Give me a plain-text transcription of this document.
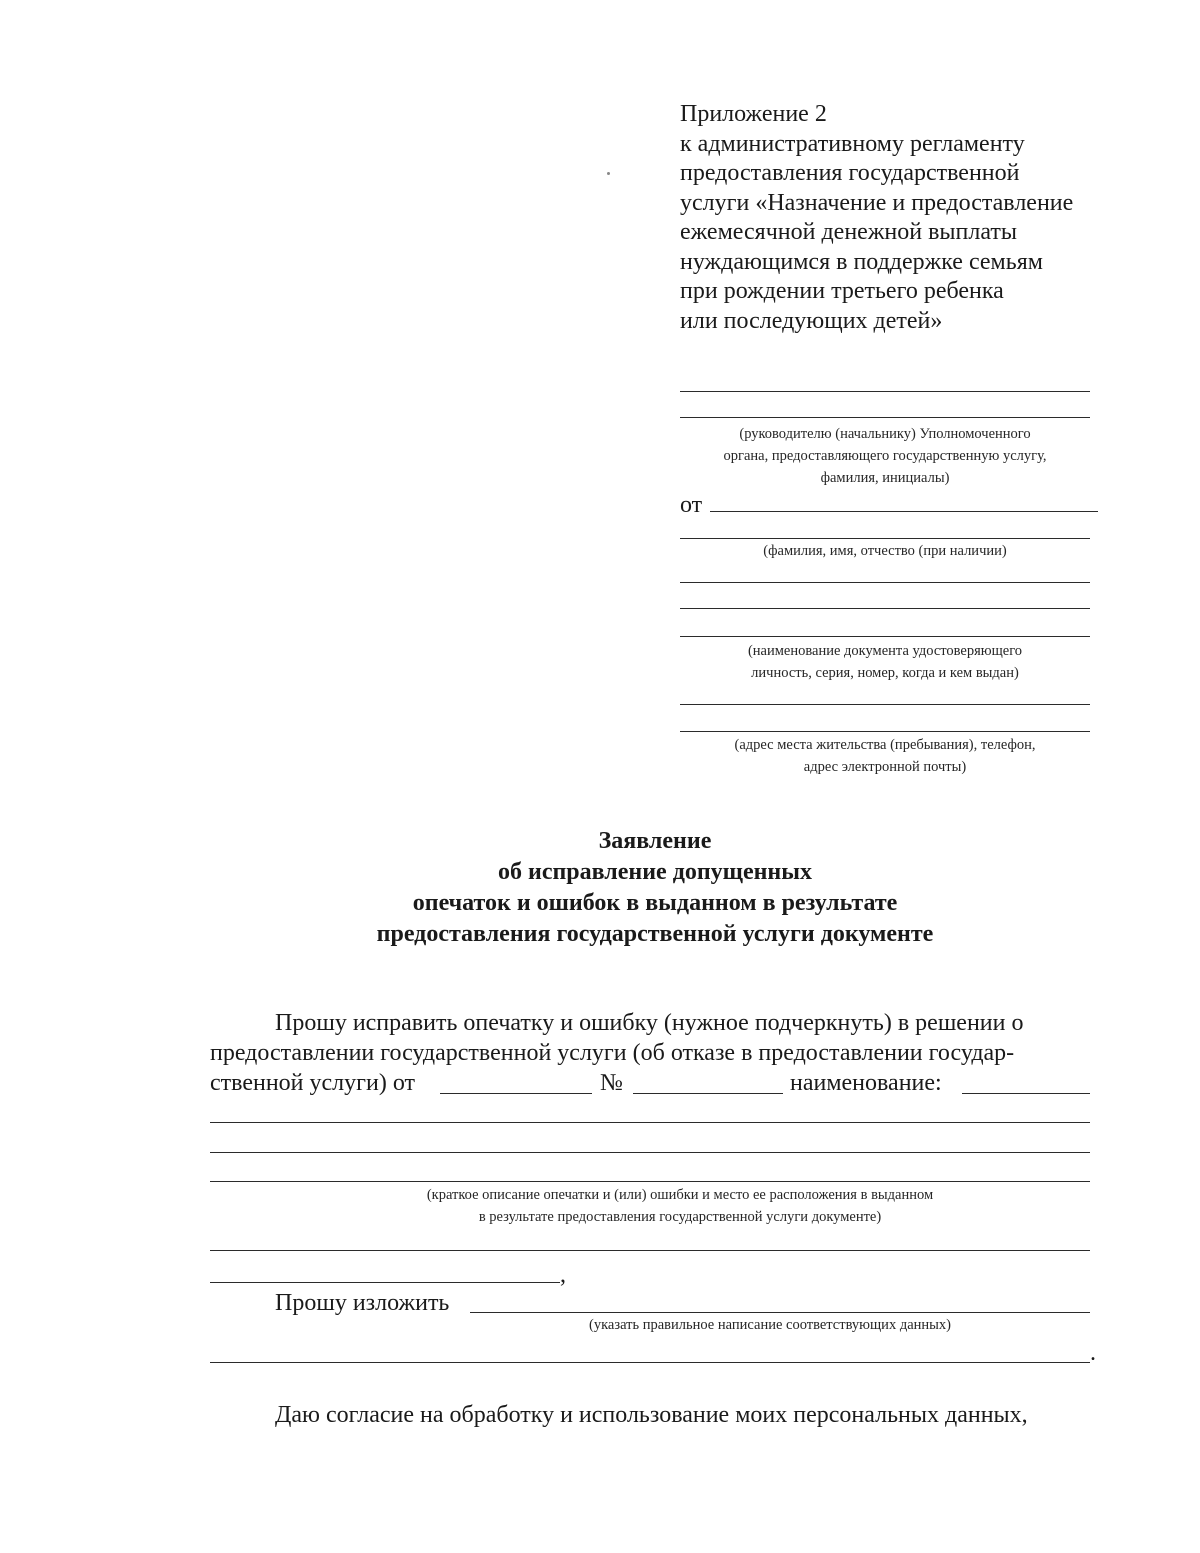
Приложение 2
к административному регламенту
предоставления государственной
услуги «Назначение и предоставление
ежемесячной денежной выплаты
нуждающимся в поддержке семьям
при рождении третьего ребенка
или последующих детей»
(руководителю (начальнику) Уполномоченного
органа, предоставляющего государственную услугу,
фамилия, инициалы)
от
(фамилия, имя, отчество (при наличии)
(наименование документа удостоверяющего
личность, серия, номер, когда и кем выдан)
(адрес места жительства (пребывания), телефон,
адрес электронной почты)
Заявление
об исправление допущенных
опечаток и ошибок в выданном в результате
предоставления государственной услуги документе
Прошу исправить опечатку и ошибку (нужное подчеркнуть) в решении о
предоставлении государственной услуги (об отказе в предоставлении государ-
ственной услуги) от	№	наименование:
(краткое описание опечатки и (или) ошибки и место ее расположения в выданном
в результате предоставления государственной услуги документе)
,
Прошу изложить
(указать правильное написание соответствующих данных)
.
Даю согласие на обработку и использование моих персональных данных,
